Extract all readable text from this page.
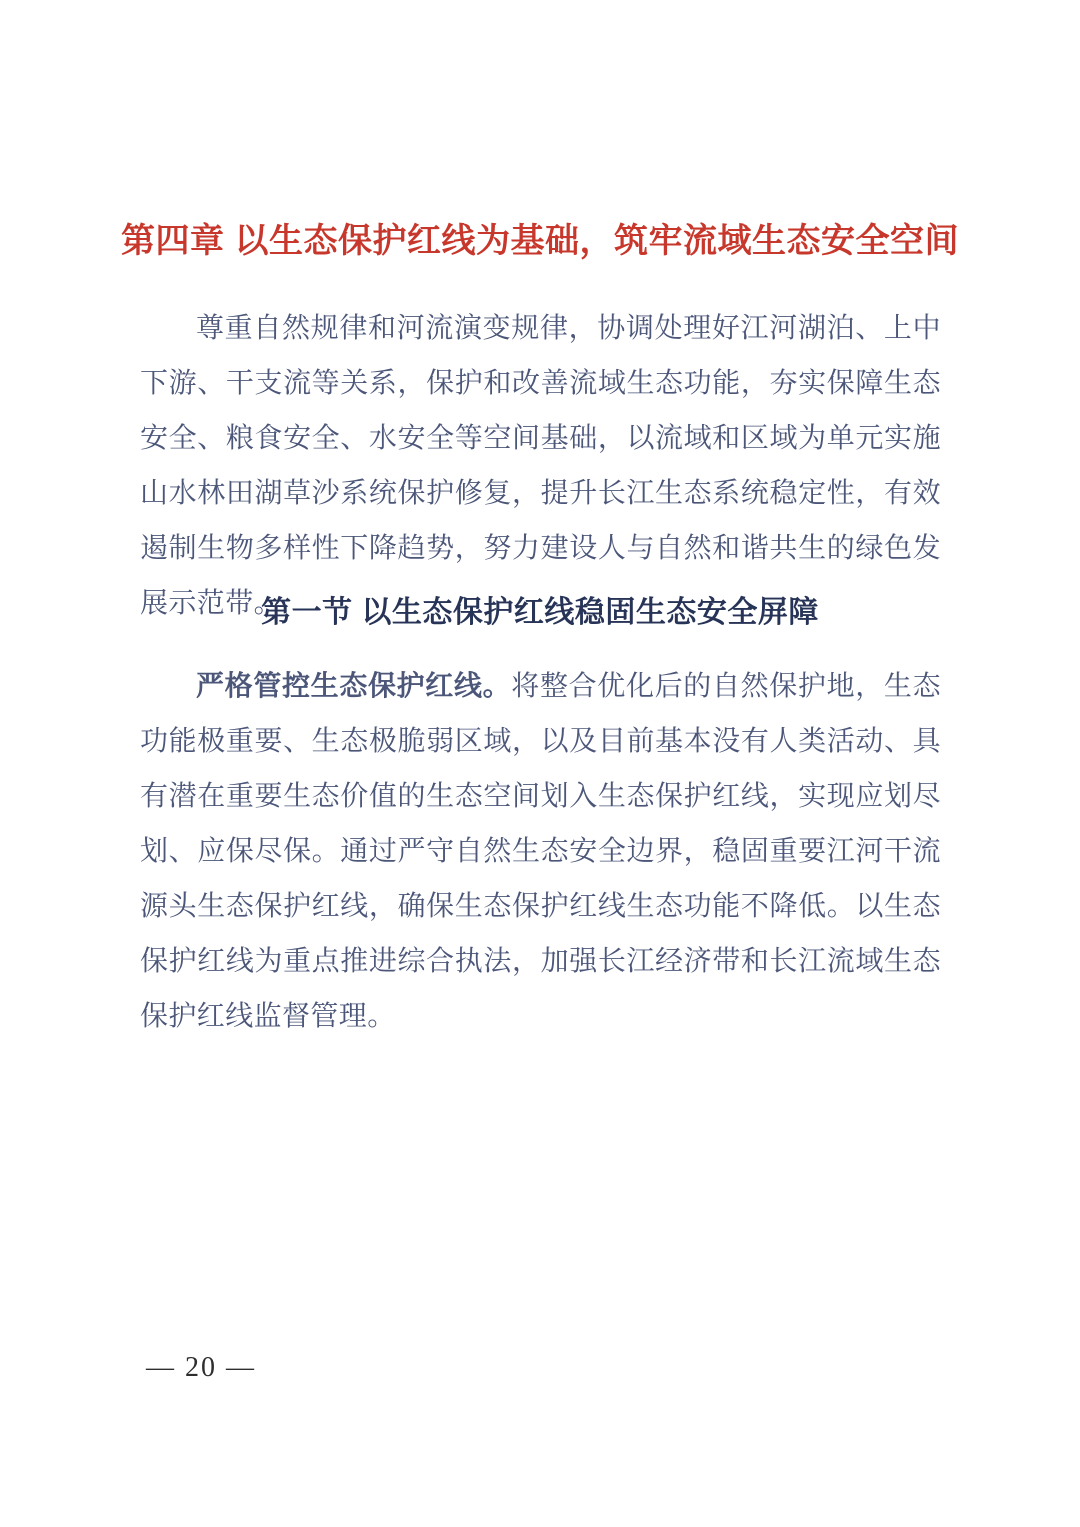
第四章 以生态保护红线为基础，筑牢流域生态安全空间

尊重自然规律和河流演变规律，协调处理好江河湖泊、上中下游、干支流等关系，保护和改善流域生态功能，夯实保障生态安全、粮食安全、水安全等空间基础，以流域和区域为单元实施山水林田湖草沙系统保护修复，提升长江生态系统稳定性，有效遏制生物多样性下降趋势，努力建设人与自然和谐共生的绿色发展示范带。

第一节 以生态保护红线稳固生态安全屏障

严格管控生态保护红线。将整合优化后的自然保护地，生态功能极重要、生态极脆弱区域，以及目前基本没有人类活动、具有潜在重要生态价值的生态空间划入生态保护红线，实现应划尽划、应保尽保。通过严守自然生态安全边界，稳固重要江河干流源头生态保护红线，确保生态保护红线生态功能不降低。以生态保护红线为重点推进综合执法，加强长江经济带和长江流域生态保护红线监督管理。

— 20 —
